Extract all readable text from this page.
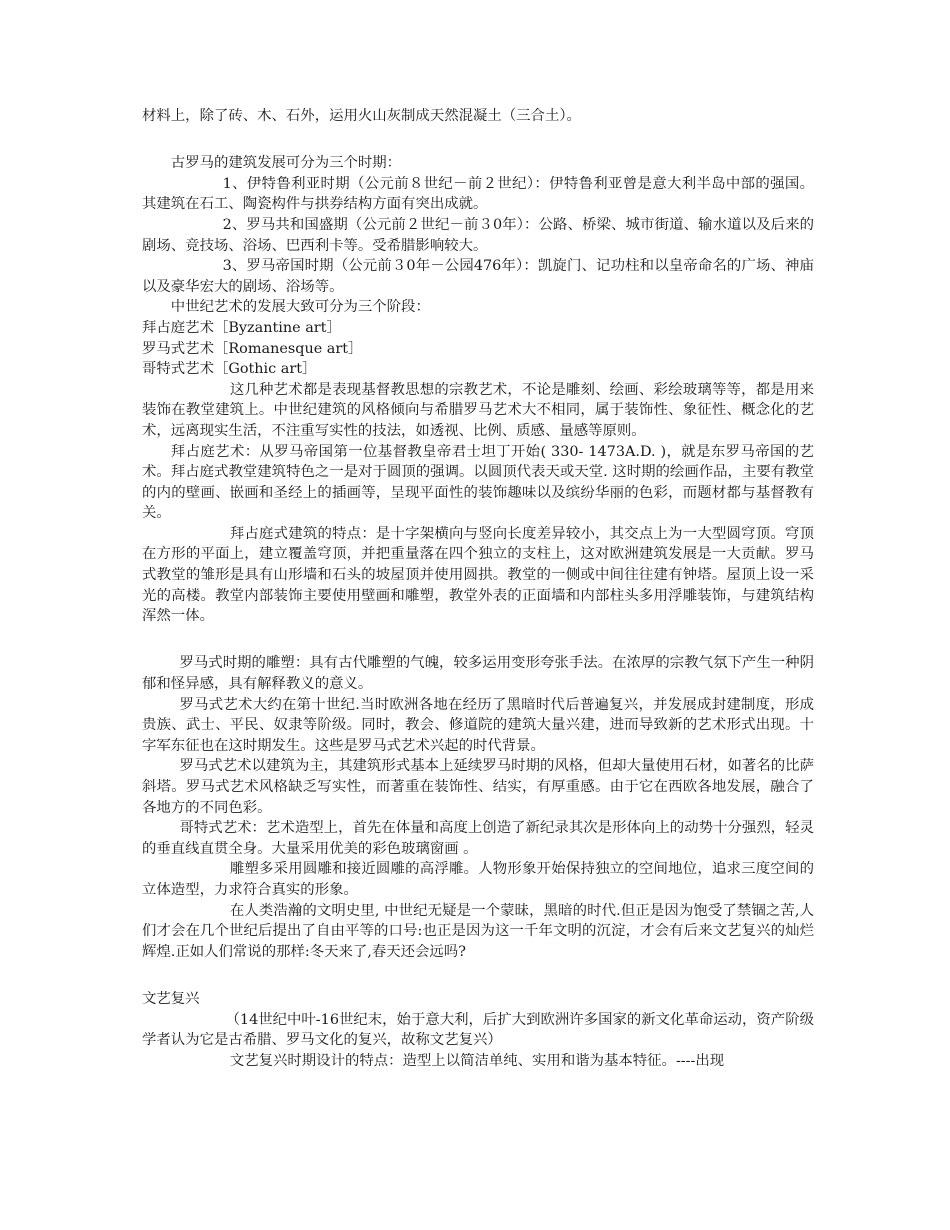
材料上，除了砖、木、石外，运用火山灰制成天然混凝土（三合土）。

古罗马的建筑发展可分为三个时期：

1、伊特鲁利亚时期（公元前８世纪－前２世纪）：伊特鲁利亚曾是意大利半岛中部的强国。其建筑在石工、陶瓷构件与拱券结构方面有突出成就。

2、罗马共和国盛期（公元前２世纪－前３0年）：公路、桥梁、城市街道、输水道以及后来的剧场、竞技场、浴场、巴西利卡等。受希腊影响较大。

3、罗马帝国时期（公元前３0年－公园476年）：凯旋门、记功柱和以皇帝命名的广场、神庙以及豪华宏大的剧场、浴场等。

中世纪艺术的发展大致可分为三个阶段：

拜占庭艺术［Byzantine art］

罗马式艺术［Romanesque art］

哥特式艺术［Gothic art］

这几种艺术都是表现基督教思想的宗教艺术，不论是雕刻、绘画、彩绘玻璃等等，都是用来装饰在教堂建筑上。中世纪建筑的风格倾向与希腊罗马艺术大不相同，属于装饰性、象征性、概念化的艺术，远离现实生活，不注重写实性的技法，如透视、比例、质感、量感等原则。

拜占庭艺术：从罗马帝国第一位基督教皇帝君士坦丁开始( 330- 1473A.D. )，就是东罗马帝国的艺术。拜占庭式教堂建筑特色之一是对于圆顶的强调。以圆顶代表天或天堂. 这时期的绘画作品，主要有教堂的内的壁画、嵌画和圣经上的插画等，呈现平面性的装饰趣味以及缤纷华丽的色彩，而题材都与基督教有关。

拜占庭式建筑的特点：是十字架横向与竖向长度差异较小，其交点上为一大型圆穹顶。穹顶在方形的平面上，建立覆盖穹顶，并把重量落在四个独立的支柱上，这对欧洲建筑发展是一大贡献。罗马式教堂的雏形是具有山形墙和石头的坡屋顶并使用圆拱。教堂的一侧或中间往往建有钟塔。屋顶上设一采光的高楼。教堂内部装饰主要使用壁画和雕塑，教堂外表的正面墙和内部柱头多用浮雕装饰，与建筑结构浑然一体。

罗马式时期的雕塑：具有古代雕塑的气魄，较多运用变形夸张手法。在浓厚的宗教气氛下产生一种阴郁和怪异感，具有解释教义的意义。

罗马式艺术大约在第十世纪.当时欧洲各地在经历了黑暗时代后普遍复兴，并发展成封建制度，形成贵族、武士、平民、奴隶等阶级。同时，教会、修道院的建筑大量兴建，进而导致新的艺术形式出现。十字军东征也在这时期发生。这些是罗马式艺术兴起的时代背景。

罗马式艺术以建筑为主，其建筑形式基本上延续罗马时期的风格，但却大量使用石材，如著名的比萨斜塔。罗马式艺术风格缺乏写实性，而著重在装饰性、结实，有厚重感。由于它在西欧各地发展，融合了各地方的不同色彩。

哥特式艺术：艺术造型上，首先在体量和高度上创造了新纪录其次是形体向上的动势十分强烈，轻灵的垂直线直贯全身。大量采用优美的彩色玻璃窗画 。

雕塑多采用圆雕和接近圆雕的高浮雕。人物形象开始保持独立的空间地位，追求三度空间的立体造型，力求符合真实的形象。

在人类浩瀚的文明史里, 中世纪无疑是一个蒙昧，黑暗的时代.但正是因为饱受了禁锢之苦,人们才会在几个世纪后提出了自由平等的口号:也正是因为这一千年文明的沉淀，才会有后来文艺复兴的灿烂辉煌.正如人们常说的那样:冬天来了,春天还会远吗?

文艺复兴

（14世纪中叶-16世纪末，始于意大利，后扩大到欧洲许多国家的新文化革命运动，资产阶级学者认为它是古希腊、罗马文化的复兴，故称文艺复兴）

文艺复兴时期设计的特点：造型上以简洁单纯、实用和谐为基本特征。----出现
